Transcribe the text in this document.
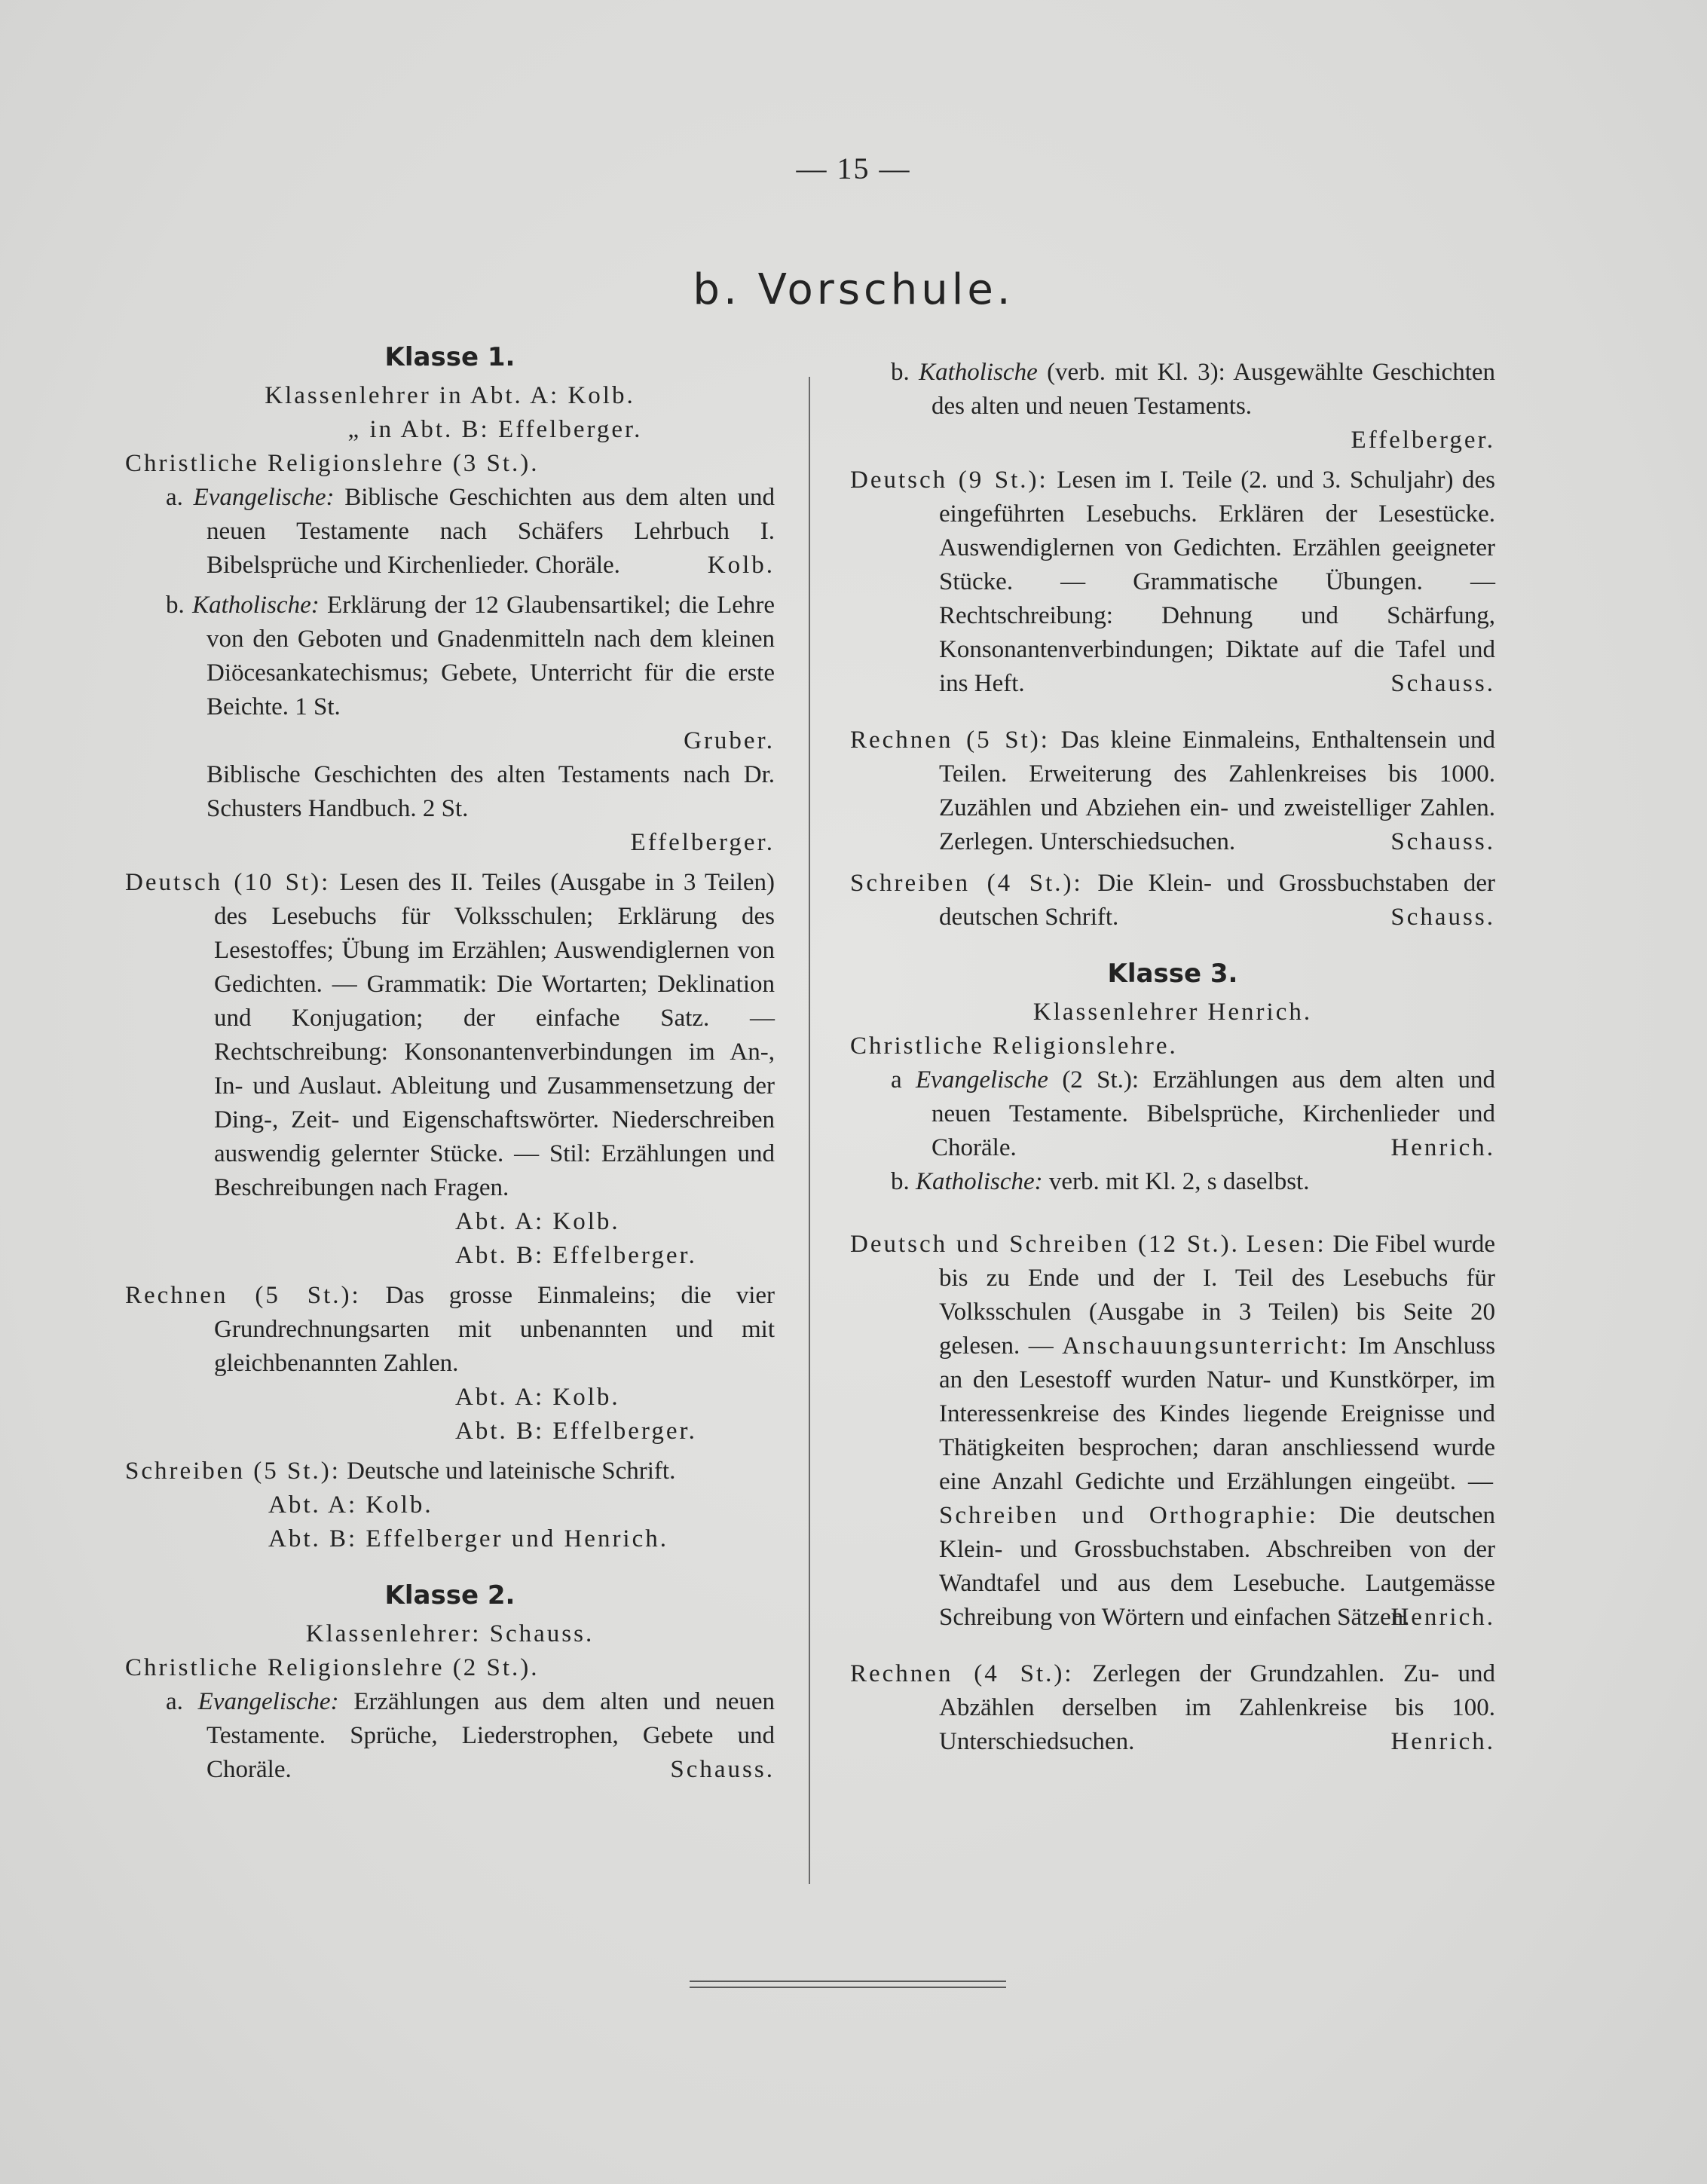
— 15 —
b. Vorschule.
Klasse 1.
Klassenlehrer in Abt. A: Kolb.
„ in Abt. B: Effelberger.
Christliche Religionslehre (3 St.).

a. Evangelische: Biblische Geschichten aus dem alten und neuen Testamente nach Schäfers Lehrbuch I. Bibelsprüche und Kirchenlieder. Choräle.	Kolb.

b. Katholische: Erklärung der 12 Glaubensartikel; die Lehre von den Geboten und Gnadenmitteln nach dem kleinen Diöcesankatechismus; Gebete, Unterricht für die erste Beichte. 1 St.

Gruber.

Biblische Geschichten des alten Testaments nach Dr. Schusters Handbuch. 2 St.

Effelberger.

Deutsch (10 St): Lesen des II. Teiles (Ausgabe in 3 Teilen) des Lesebuchs für Volksschulen; Erklärung des Lesestoffes; Übung im Erzählen; Auswendiglernen von Gedichten. — Grammatik: Die Wortarten; Deklination und Konjugation; der einfache Satz. — Rechtschreibung: Konsonantenverbindungen im An-, In- und Auslaut. Ableitung und Zusammensetzung der Ding-, Zeit- und Eigenschaftswörter. Niederschreiben auswendig gelernter Stücke. — Stil: Erzählungen und Beschreibungen nach Fragen.

Abt. A: Kolb.
Abt. B: Effelberger.

Rechnen (5 St.): Das grosse Einmaleins; die vier Grundrechnungsarten mit unbenannten und mit gleichbenannten Zahlen.

Abt. A: Kolb.
Abt. B: Effelberger.

Schreiben (5 St.): Deutsche und lateinische Schrift.

Abt. A: Kolb.
Abt. B: Effelberger und Henrich.
Klasse 2.
Klassenlehrer: Schauss.
Christliche Religionslehre (2 St.).

a. Evangelische: Erzählungen aus dem alten und neuen Testamente. Sprüche, Liederstrophen, Gebete und Choräle.	Schauss.

b. Katholische (verb. mit Kl. 3): Ausgewählte Geschichten des alten und neuen Testaments.

Effelberger.

Deutsch (9 St.): Lesen im I. Teile (2. und 3. Schuljahr) des eingeführten Lesebuchs. Erklären der Lesestücke. Auswendiglernen von Gedichten. Erzählen geeigneter Stücke. — Grammatische Übungen. — Rechtschreibung: Dehnung und Schärfung, Konsonantenverbindungen; Diktate auf die Tafel und ins Heft.	Schauss.

Rechnen (5 St): Das kleine Einmaleins, Enthaltensein und Teilen. Erweiterung des Zahlenkreises bis 1000. Zuzählen und Abziehen ein- und zweistelliger Zahlen. Zerlegen. Unterschiedsuchen.	Schauss.

Schreiben (4 St.): Die Klein- und Grossbuchstaben der deutschen Schrift.	Schauss.

Klasse 3.
Klassenlehrer Henrich.
Christliche Religionslehre.

a Evangelische (2 St.): Erzählungen aus dem alten und neuen Testamente. Bibelsprüche, Kirchenlieder und Choräle.	Henrich.

b. Katholische: verb. mit Kl. 2, s daselbst.

Deutsch und Schreiben (12 St.). Lesen: Die Fibel wurde bis zu Ende und der I. Teil des Lesebuchs für Volksschulen (Ausgabe in 3 Teilen) bis Seite 20 gelesen. — Anschauungsunterricht: Im Anschluss an den Lesestoff wurden Natur- und Kunstkörper, im Interessenkreise des Kindes liegende Ereignisse und Thätigkeiten besprochen; daran anschliessend wurde eine Anzahl Gedichte und Erzählungen eingeübt. — Schreiben und Orthographie: Die deutschen Klein- und Grossbuchstaben. Abschreiben von der Wandtafel und aus dem Lesebuche. Lautgemässe Schreibung von Wörtern und einfachen Sätzen.
Henrich.

Rechnen (4 St.): Zerlegen der Grundzahlen. Zu- und Abzählen derselben im Zahlenkreise bis 100. Unterschiedsuchen.	Henrich.
